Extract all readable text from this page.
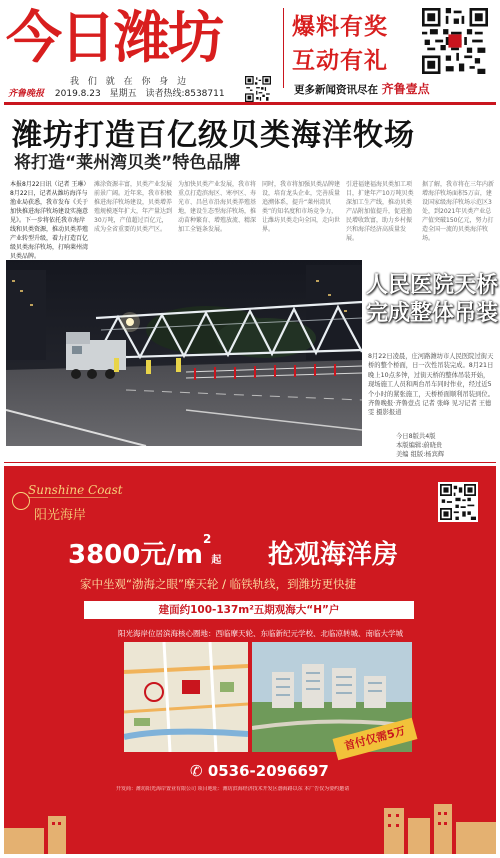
今日潍坊
我 们 就 在 你 身 边
齐鲁晚报 2019.8.23 星期五 读者热线:8538711
爆料有奖
互动有礼
更多新闻资讯尽在 齐鲁壹点
潍坊打造百亿级贝类海洋牧场
将打造“莱州湾贝类”特色品牌
本报8月22日讯（记者 王琳）8月22日，记者从潍坊海洋与渔业局获悉，我市发布《关于加快推进海洋牧场建设实施意见》。下一步将依托我市海岸线和贝类资源，推动贝类养殖产业转型升级，着力打造百亿级贝类海洋牧场，打响莱州湾贝类品牌。
滩涂资源丰富，贝类产业发展前景广阔。近年来，我市积极推进海洋牧场建设，贝类增养殖规模逐年扩大，年产量达到30万吨，产值超过百亿元，成为全省重要的贝类产区。
为加快贝类产业发展，我市将重点打造滨海区、寒亭区、寿光市、昌邑市沿海贝类养殖基地，建设生态型海洋牧场，推动苗种繁育、增殖放流、精深加工全链条发展。
同时，我市将加强贝类品牌建设，培育龙头企业，完善质量追溯体系，提升“莱州湾贝类”的知名度和市场竞争力，让潍坊贝类走向全国，走向世界。
引进福建福海贝类加工项目，扩建年产10万吨贝类深加工生产线，推动贝类产品附加值提升，促进渔民增收致富，助力乡村振兴和海洋经济高质量发展。
据了解，我市将在三年内新增海洋牧场面积5万亩，建设国家级海洋牧场示范区3处，到2021年贝类产业总产值突破150亿元，努力打造全国一流的贝类海洋牧场。
人民医院天桥
完成整体吊装
8月22日凌晨，庄河路潍坊市人民医院过街天桥的整个桥面，日一次性吊装完成。8月21日晚上10点多钟，过街天桥的整体吊装开始，现场施工人员和两台吊车同时作业，经过近5个小时的紧张施工，天桥桥面顺利吊装到位。 齐鲁晚报·齐鲁壹点 记者 张峰 见习记者 王德雯 摄影报道
今日8版共4版
本版编辑:蔚晓贵
美编 组版:杨宾辉
Sunshine Coast
阳光海岸
3800元$/m^2$起 抢观海洋房
家中坐观“渤海之眼”摩天轮 / 临铁轨线，到潍坊更快捷
建面约100-137m²五期观海大“H”户
阳光海岸位居滨海核心圈地：西临摩天轮、东临新纪元学校、北临凉转城、南临大学城
首付仅需5万
✆ 0536-2096697
开发商：潍坊阳光海岸置业有限公司 项目地址：潍坊滨海经济技术开发区渤海路以东 本广告仅为要约邀请
